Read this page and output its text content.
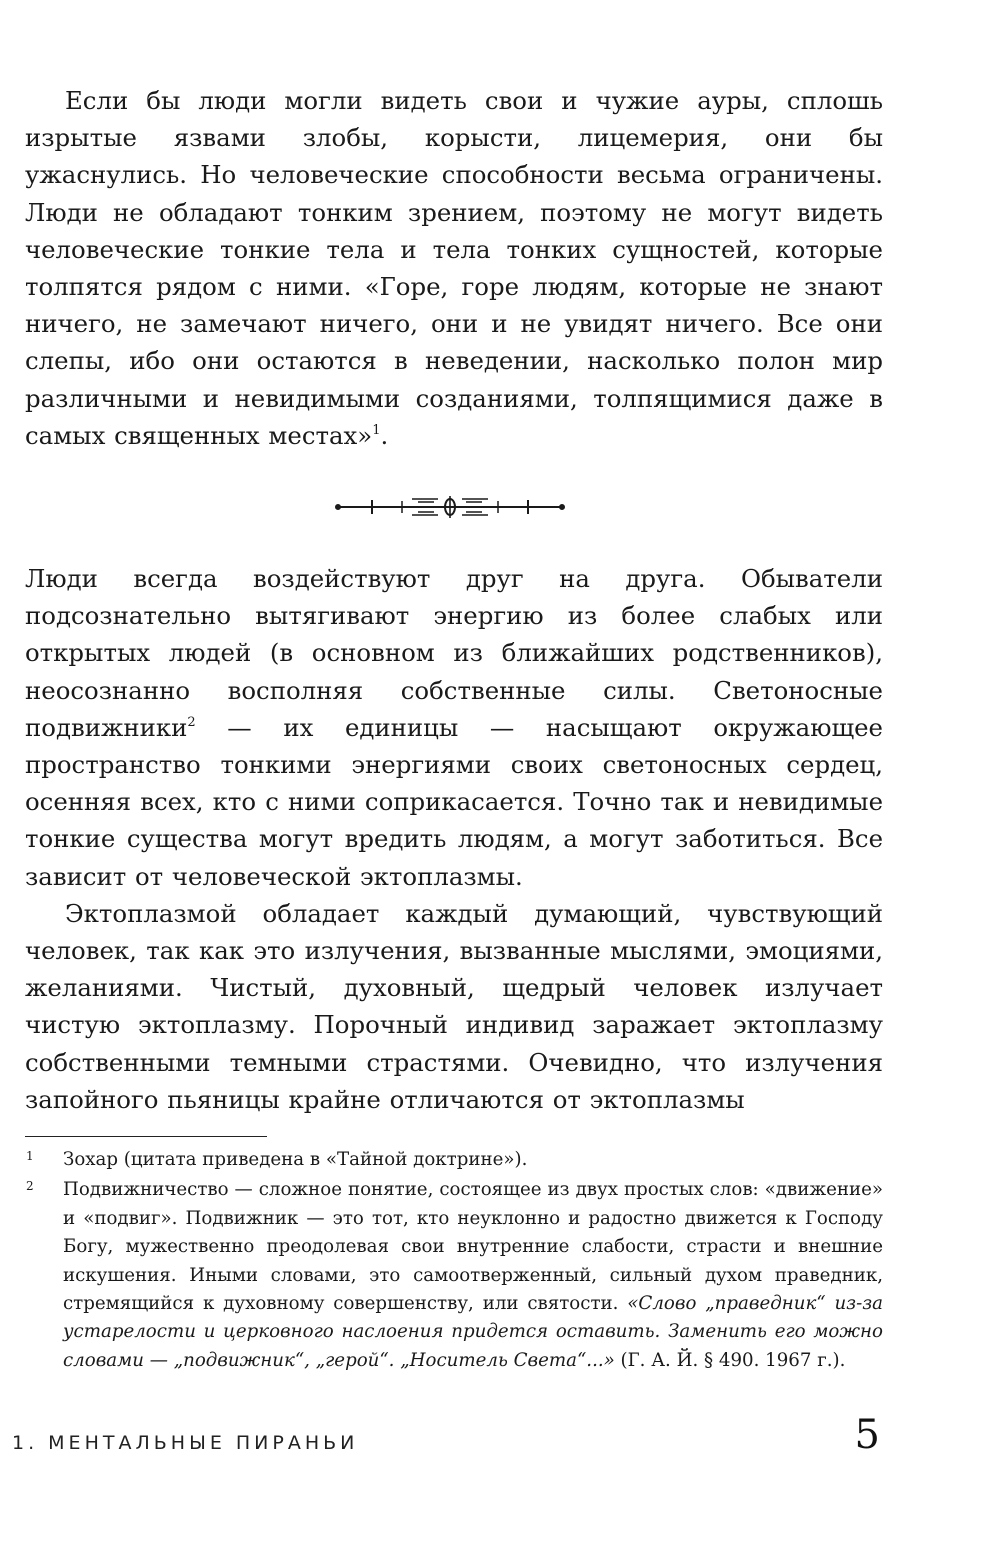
Если бы люди могли видеть свои и чужие ауры, сплошь изрытые язвами злобы, корысти, лицемерия, они бы ужаснулись. Но человеческие способности весьма ограничены. Люди не обладают тонким зрением, поэтому не могут видеть человеческие тонкие тела и тела тонких сущностей, которые толпятся рядом с ними. «Горе, горе людям, которые не знают ничего, не замечают ничего, они и не увидят ничего. Все они слепы, ибо они остаются в неведении, насколько полон мир различными и невидимыми созданиями, толпящимися даже в самых священных местах»$^1$.

Люди всегда воздействуют друг на друга. Обыватели подсознательно вытягивают энергию из более слабых или открытых людей (в основном из ближайших родственников), неосознанно восполняя собственные силы. Светоносные подвижники$^2$ — их единицы — насыщают окружающее пространство тонкими энергиями своих светоносных сердец, осенняя всех, кто с ними соприкасается. Точно так и невидимые тонкие существа могут вредить людям, а могут заботиться. Все зависит от человеческой эктоплазмы.

Эктоплазмой обладает каждый думающий, чувствующий человек, так как это излучения, вызванные мыслями, эмоциями, желаниями. Чистый, духовный, щедрый человек излучает чистую эктоплазму. Порочный индивид заражает эктоплазму собственными темными страстями. Очевидно, что излучения запойного пьяницы крайне отличаются от эктоплазмы

1 Зохар (цитата приведена в «Тайной доктрине»).
2 Подвижничество — сложное понятие, состоящее из двух простых слов: «движение» и «подвиг». Подвижник — это тот, кто неуклонно и радостно движется к Господу Богу, мужественно преодолевая свои внутренние слабости, страсти и внешние искушения. Иными словами, это самоотверженный, сильный духом праведник, стремящийся к духовному совершенству, или святости. «Слово „праведник“ из-за устарелости и церковного наслоения придется оставить. Заменить его можно словами — „подвижник“, „герой“. „Носитель Света“...» (Г. А. Й. § 490. 1967 г.).
1. МЕНТАЛЬНЫЕ ПИРАНЬИ	5
